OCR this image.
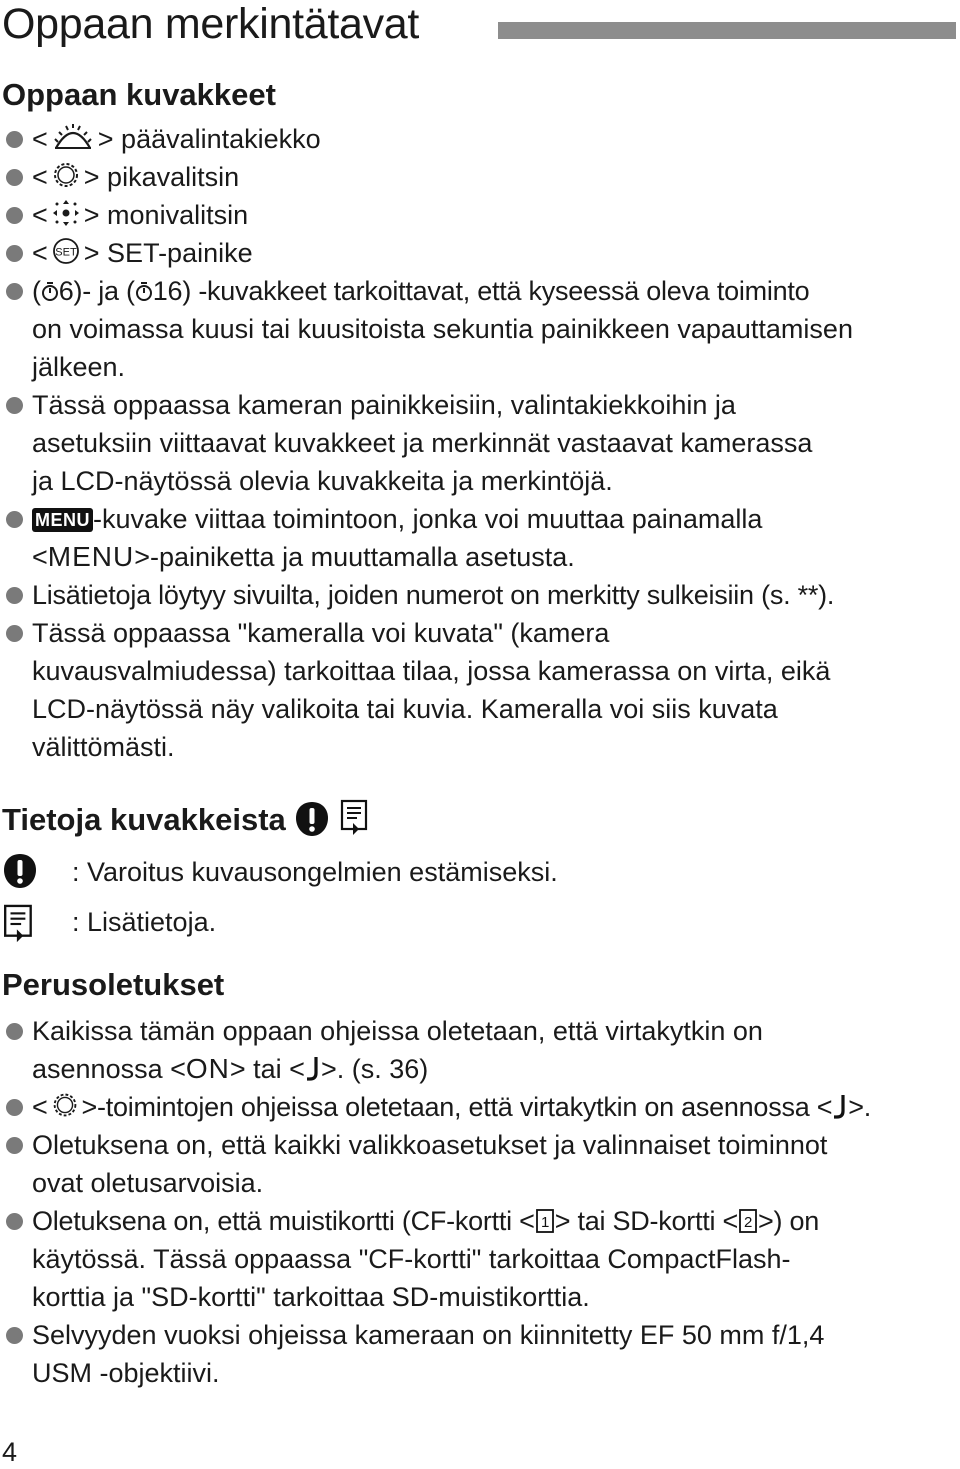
Oppaan merkintätavat
Oppaan kuvakkeet
< > päävalintakiekko
< > pikavalitsin
< > monivalitsin
< SET > SET-painike
( 6)- ja ( 16) -kuvakkeet tarkoittavat, että kyseessä oleva toiminto
on voimassa kuusi tai kuusitoista sekuntia painikkeen vapauttamisen
jälkeen.
Tässä oppaassa kameran painikkeisiin, valintakiekkoihin ja
asetuksiin viittaavat kuvakkeet ja merkinnät vastaavat kamerassa
ja LCD-näytössä olevia kuvakkeita ja merkintöjä.
MENU -kuvake viittaa toimintoon, jonka voi muuttaa painamalla
<MENU>-painiketta ja muuttamalla asetusta.
Lisätietoja löytyy sivuilta, joiden numerot on merkitty sulkeisiin (s. **).
Tässä oppaassa "kameralla voi kuvata" (kamera
kuvausvalmiudessa) tarkoittaa tilaa, jossa kamerassa on virta, eikä
LCD-näytössä näy valikoita tai kuvia. Kameralla voi siis kuvata
välittömästi.
Tietoja kuvakkeista
: Varoitus kuvausongelmien estämiseksi.
: Lisätietoja.
Perusoletukset
Kaikissa tämän oppaan ohjeissa oletetaan, että virtakytkin on
asennossa <ON> tai < >. (s. 36)
< >-toimintojen ohjeissa oletetaan, että virtakytkin on asennossa < >.
Oletuksena on, että kaikki valikkoasetukset ja valinnaiset toiminnot
ovat oletusarvoisia.
Oletuksena on, että muistikortti (CF-kortti < 1 > tai SD-kortti < 2 >) on
käytössä. Tässä oppaassa "CF-kortti" tarkoittaa CompactFlash-
korttia ja "SD-kortti" tarkoittaa SD-muistikorttia.
Selvyyden vuoksi ohjeissa kameraan on kiinnitetty EF 50 mm f/1,4
USM -objektiivi.
4
